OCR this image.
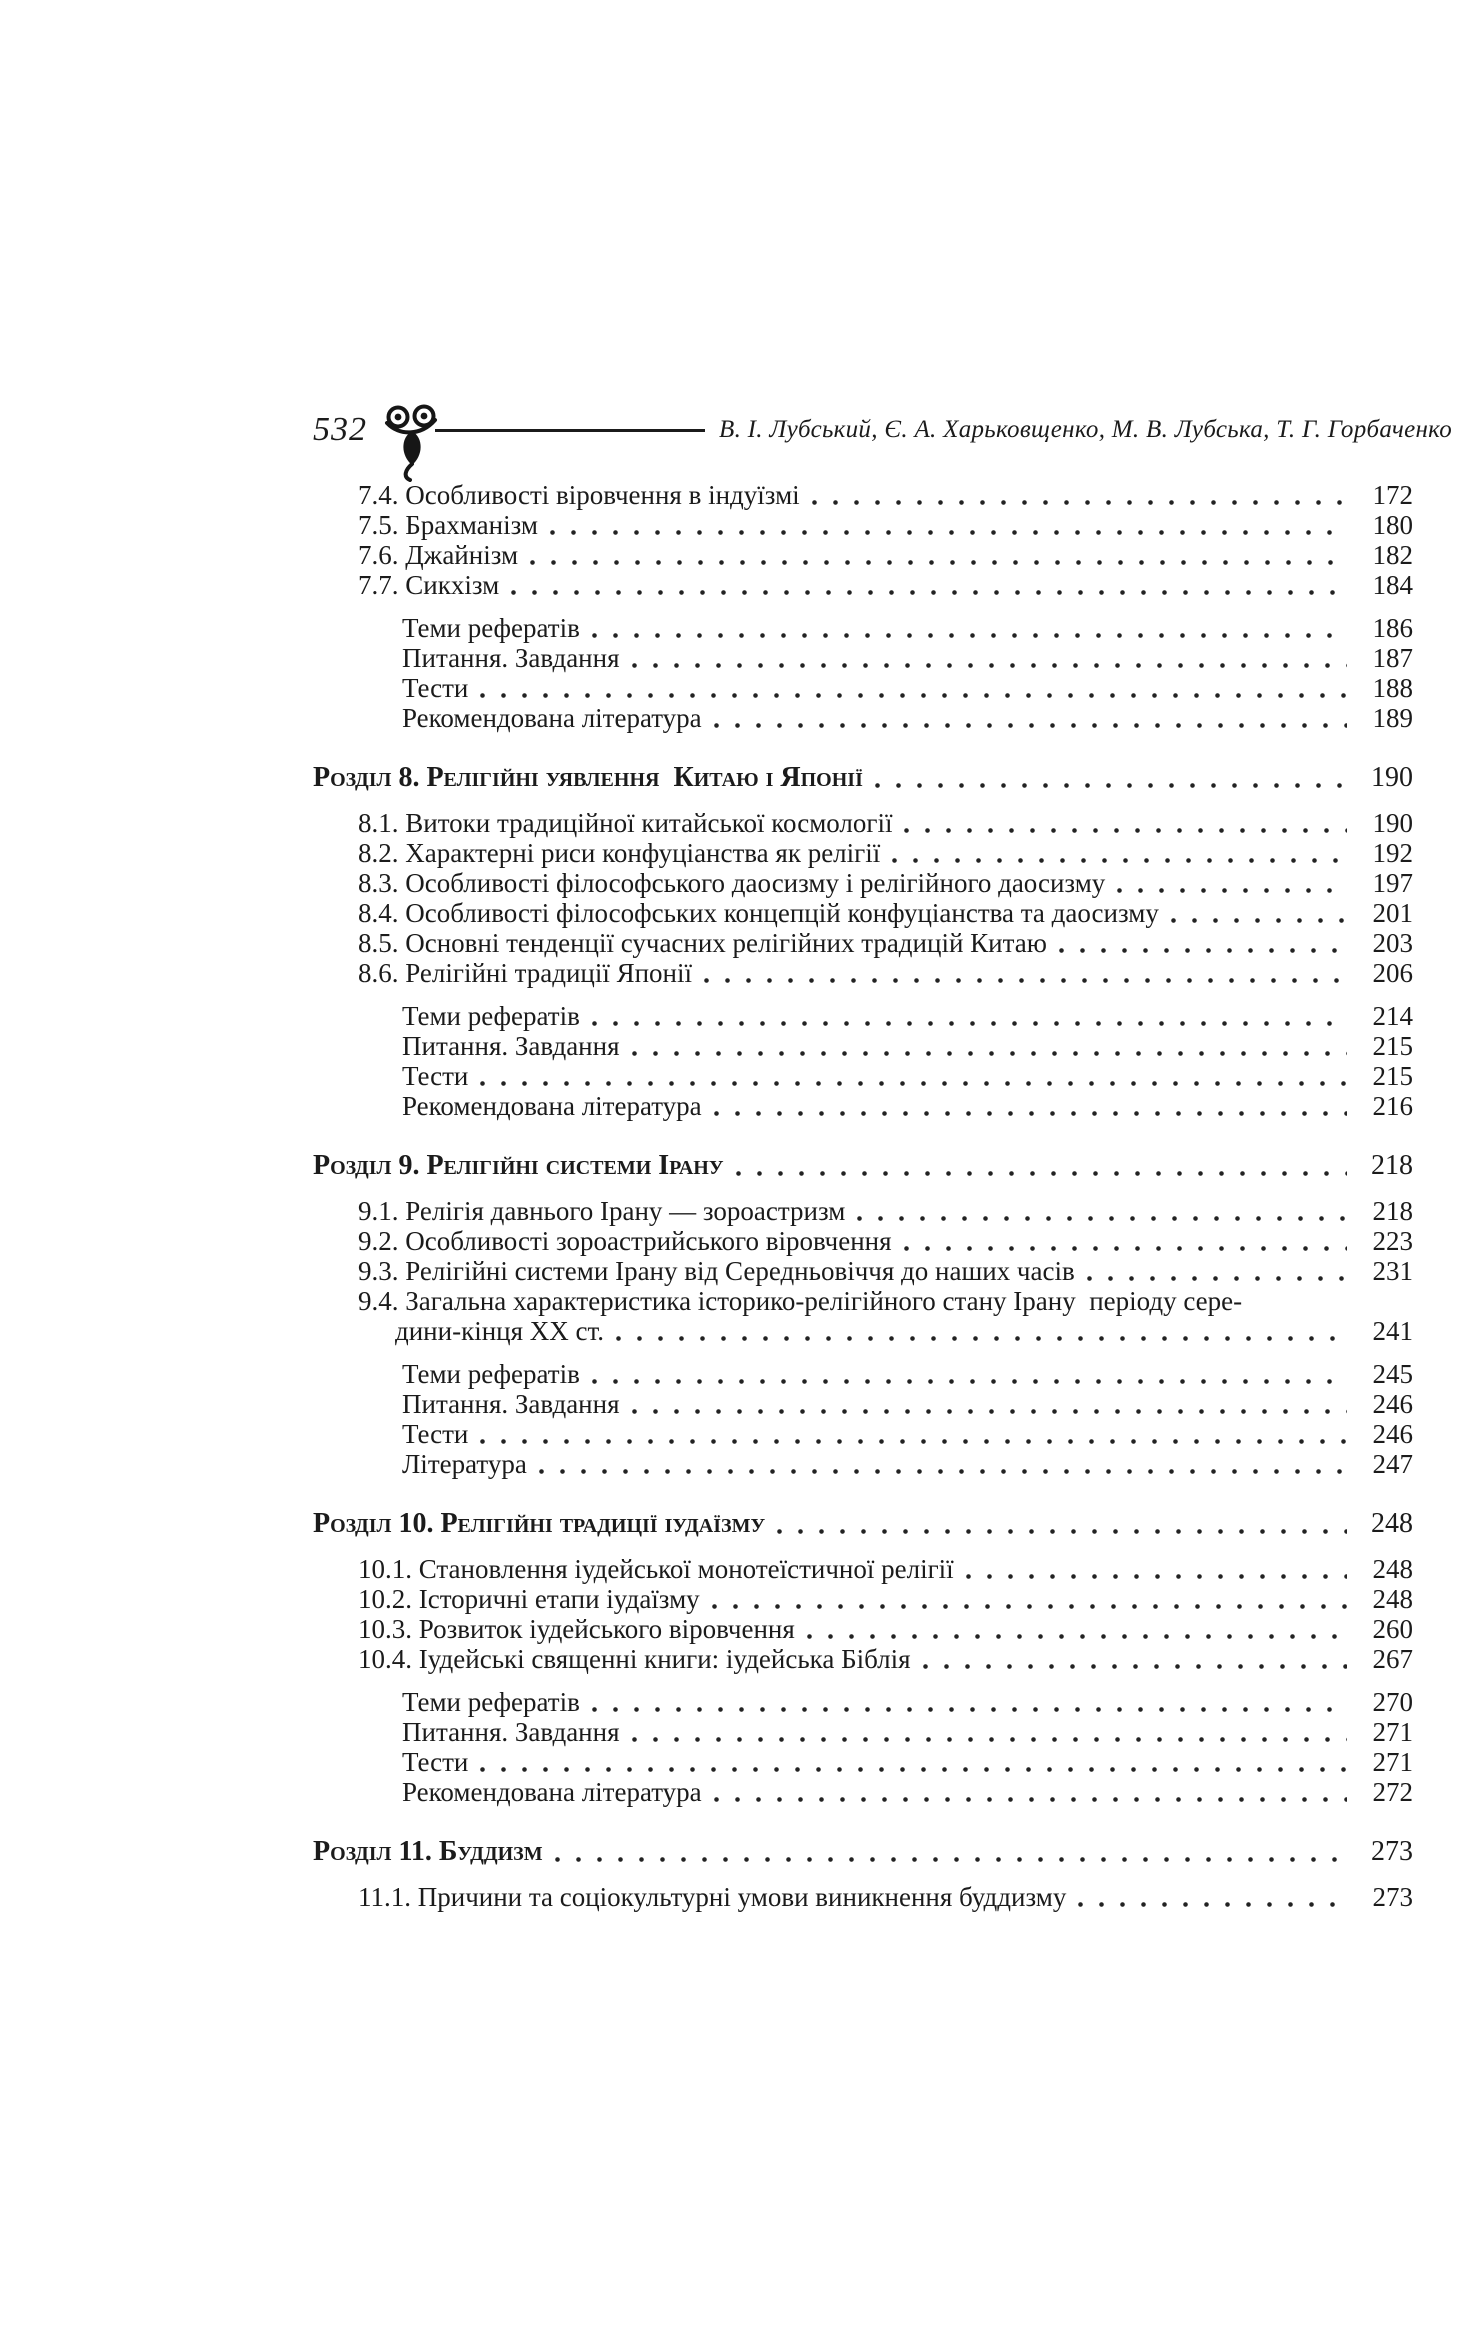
532	В. І. Лубський, Є. А. Харьковщенко, М. В. Лубська, Т. Г. Горбаченко
7.4. Особливості віровчення в індуїзмі	172
7.5. Брахманізм	180
7.6. Джайнізм	182
7.7. Сикхізм	184
Теми рефератів	186
Питання. Завдання	187
Тести	188
Рекомендована література	189
Розділ 8. Релігійні уявлення  Китаю і Японії	190
8.1. Витоки традиційної китайської космології	190
8.2. Характерні риси конфуціанства як релігії	192
8.3. Особливості філософського даосизму і релігійного даосизму	197
8.4. Особливості філософських концепцій конфуціанства та даосизму	201
8.5. Основні тенденції сучасних релігійних традицій Китаю	203
8.6. Релігійні традиції Японії	206
Теми рефератів	214
Питання. Завдання	215
Тести	215
Рекомендована література	216
Розділ 9. Релігійні системи Ірану	218
9.1. Релігія давнього Ірану — зороастризм	218
9.2. Особливості зороастрийського віровчення	223
9.3. Релігійні системи Ірану від Середньовіччя до наших часів	231
9.4. Загальна характеристика історико-релігійного стану Ірану  періоду сере-
дини-кінця XX ст.	241
Теми рефератів	245
Питання. Завдання	246
Тести	246
Література	247
Розділ 10. Релігійні традиції іудаїзму	248
10.1. Становлення іудейської монотеїстичної релігії	248
10.2. Історичні етапи іудаїзму	248
10.3. Розвиток іудейського віровчення	260
10.4. Іудейські священні книги: іудейська Біблія	267
Теми рефератів	270
Питання. Завдання	271
Тести	271
Рекомендована література	272
Розділ 11. Буддизм	273
11.1. Причини та соціокультурні умови виникнення буддизму	273
